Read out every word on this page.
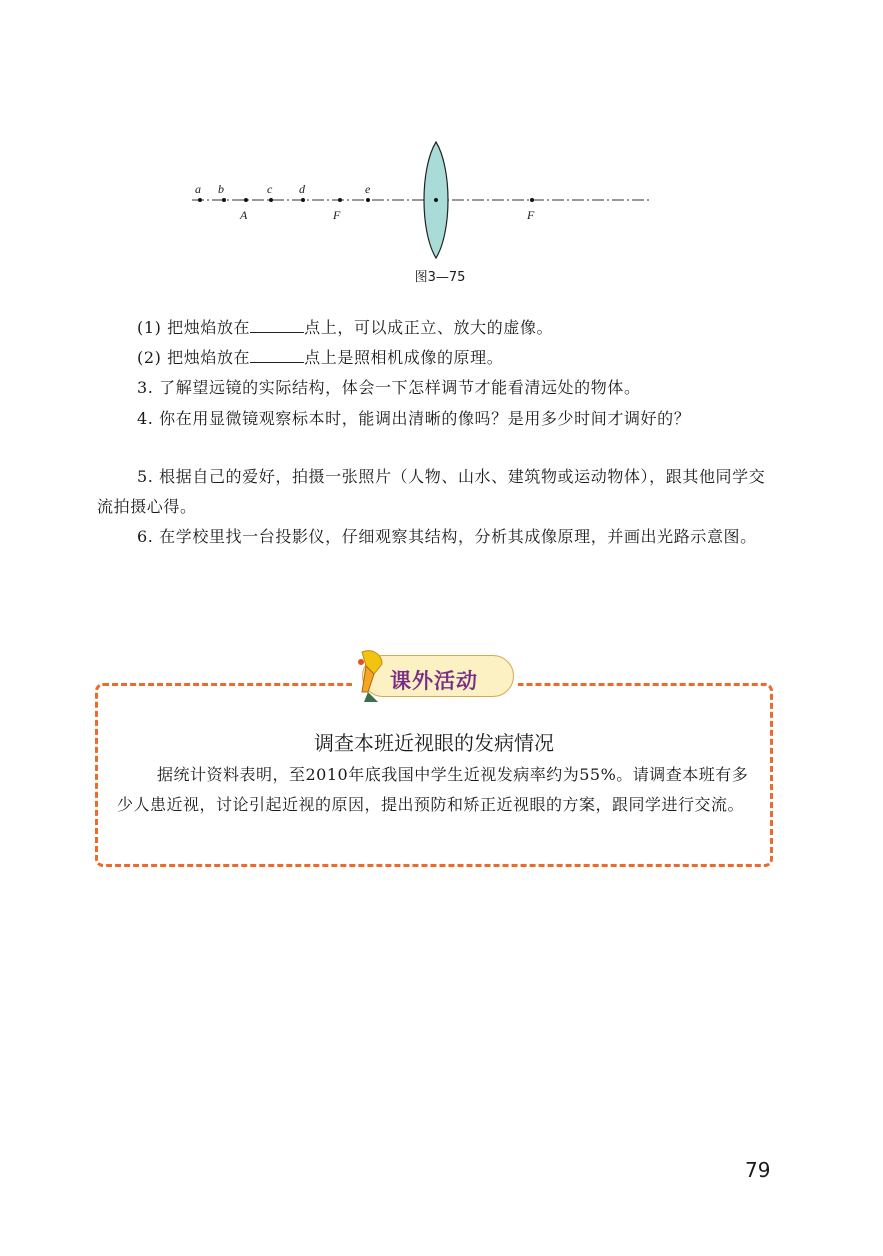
a b	c d	e
A	F	F
图3—75
(1) 把烛焰放在	点上，可以成正立、放大的虚像。
(2) 把烛焰放在	点上是照相机成像的原理。
3. 了解望远镜的实际结构，体会一下怎样调节才能看清远处的物体。
4. 你在用显微镜观察标本时，能调出清晰的像吗？是用多少时间才调好的？
5. 根据自己的爱好，拍摄一张照片（人物、山水、建筑物或运动物体），跟其他同学交流拍摄心得。
6. 在学校里找一台投影仪，仔细观察其结构，分析其成像原理，并画出光路示意图。
课外活动
调查本班近视眼的发病情况
据统计资料表明，至2010年底我国中学生近视发病率约为55%。请调查本班有多少人患近视，讨论引起近视的原因，提出预防和矫正近视眼的方案，跟同学进行交流。
79
